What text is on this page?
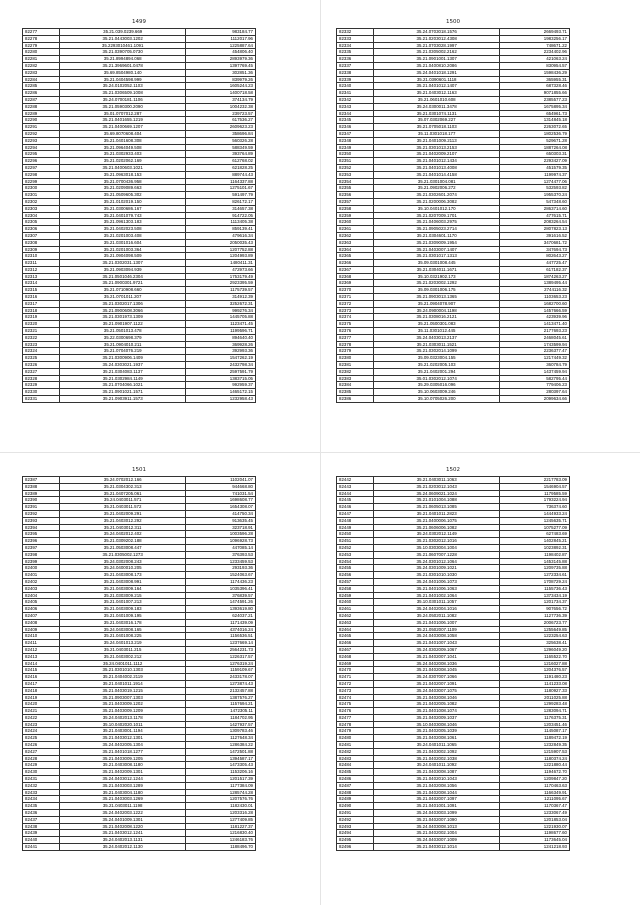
1499
82277	35.21.039.0239.669	983184.77
82278	35.21.0443003.1202	1112017.96
82279	35.2293010461.1091	1225887.64
82280	35.21.0390705.0730	454806.40
82281	35.21.8994894.068	2893979.36
82282	35.21.3969601.0478	1397769.45
82283	35.69.8504980.140	302851.36
82284	35.21.0404598.999	839979.26
82285	35.24.0102052.1103	1605244.23
82286	35.21.0306509.1008	1400718.58
82287	35.24.0700181.1106	374134.79
82288	35.21.0590300.2090	1004232.38
82289	35.01.0707012.287	239723.57
82290	35.21.0401655.1219	617536.27
82291	35.21.0400669.1207	2609623.23
82292	35.69.8070608.404	358696.84
82293	35.21.0401608.308	560326.28
82294	35.21.0964049.508	588349.59
82295	35.21.0302933.403	393764.89
82296	35.21.0202062.169	612768.02
82297	35.21.0400603.1021	621828.25
82298	35.21.0963018.153	889744.43
82299	35.21.0700436.958	1164337.88
82300	35.21.0209089.663	1275101.67
82301	35.21.0509605.302	591497.79
82302	35.21.0102019.150	826172.17
82303	35.21.0300686.167	314657.38
82304	35.21.0401079.743	914722.05
82305	35.21.0961303.183	1113405.38
82306	35.21.0402023.508	859139.41
82307	35.21.0201003.408	479616.34
82308	35.21.0301016.604	2050035.43
82309	35.21.0201003.364	1207752.88
82310	35.21.0904098.509	1204993.89
82311	35.21.0302031.1307	1480411.31
82312	35.21.0903094.939	472973.66
82313	35.21.0501046.2304	1753179.49
82314	35.21.0900301.9721	2923395.59
82315	35.21.0710908.660	1175739.57
82316	35.21.0701011.207	314912.39
82317	35.21.0302017.1306	3252672.31
82318	35.21.0900608.3066	999276.34
82319	35.21.0301973.1309	1445705.88
82320	35.21.0901907.1122	1123471.45
82321	35.21.0501013.478	1199596.71
82322	35.22.0300698.379	894640.40
82323	35.21.0904010.211	369928.26
82324	35.21.0704076.219	392993.36
82325	35.21.0300906.1409	1547262.19
82326	35.24.0303021.1937	2432798.34
82327	35.21.0304083.1137	2597591.79
82328	35.21.0302984.1149	1383715.05
82329	35.21.0704066.1021	992959.37
82330	35.21.0901021.1571	1465172.15
82331	35.21.0903911.1573	1232958.43
1500
82332	35.24.0703018.1576	2669493.71
82333	35.21.0203012.4308	1983256.17
82334	35.21.0703028.1997	748671.22
82335	35.21.0305002.2162	2234402.96
82336	35.21.0901001.1307	421063.24
82337	35.21.0400810.2086	830954.57
82338	35.24.0401018.1291	1598436.29
82339	35.21.0390601.1118	365955.31
82340	35.21.0401012.1407	687328.46
82341	35.21.0403012.1163	9071855.66
82342	35.21.0601010.608	2385577.23
82343	35.24.0300011.3478	1675895.34
82344	35.21.0301074.1131	654961.73
82345	35.07.0302069.227	1314845.18
82346	35.21.0705018.1103	2263072.65
82347	35.11.0301018.177	1802536.79
82348	35.21.0401009.2113	529671.28
82349	35.21.0301013.2153	1887264.08
82350	35.21.0402009.2107	650303.31
82351	35.21.0401012.1434	2293427.09
82352	35.21.0401013.4008	451579.35
82353	35.21.0401014.4158	1199974.37
82354	35.21.0301004.081	1274477.06
82355	35.21.0902006.272	532593.82
82356	35.21.0302601.2074	1955370.24
82357	35.21.0200006.3082	547348.60
82358	35.10.0401012.170	2863714.60
82359	35.21.0207009.1701	477615.71
82360	35.21.0406003.2975	2083264.54
82361	35.21.0905023.2714	2807823.13
82362	35.21.0304601.1170	391616.52
82363	35.21.0309009.1954	3470681.72
82364	35.21.0403007.1407	347694.73
82365	35.21.0301017.1313	802643.27
82366	35.09.0301008.445	447725.47
82367	35.21.0304011.1671	617182.37
82368	35.10.0321902.173	1874263.27
82369	35.21.0203002.1292	1389495.44
82370	35.09.0301006.175	2744116.32
82371	35.21.0903013.1365	1103653.23
82372	35.21.0904078.907	1682700.60
82373	35.24.0900004.1198	1457666.59
82374	35.21.0308016.2121	423939.96
82375	35.21.0500301.083	1413471.40
82376	35.11.0301012.445	2177693.23
82377	35.24.0403013.2137	2468045.61
82378	35.21.0303011.1521	1743599.94
82379	35.21.0302014.1099	2236377.47
82380	35.09.0323004.155	1217449.32
82381	35.21.0202005.103	360784.79
82382	35.21.0402001.294	1437459.94
82383	35.01.0302012.1074	582795.44
82384	35.29.0305016.096	779406.23
82385	35.10.0603009.246	280397.64
82386	35.10.0705026.200	2099634.66
1501
82387	35.24.0702012.166	1102041.07
82388	35.21.0304302.313	944668.80
82389	35.21.0407205.061	741031.54
82390	35.24.0403011.571	1698608.77
82391	35.21.0403011.572	1654308.07
82392	35.21.0402009.291	414750.34
82393	35.21.0403012.292	913635.45
82394	35.21.0403012.311	323718.91
82395	35.24.0402012.402	1003596.28
82396	35.21.0309202.188	1096928.73
82397	35.21.0503008.447	447085.14
82398	35.21.0305002.1273	376393.53
82399	35.24.0302008.243	1233459.53
82400	35.24.0400010.205	293193.36
82401	35.21.0403008.173	1524063.67
82402	35.21.0403008.991	1174436.23
82403	35.21.0403009.164	1035396.41
82404	35.21.0303009.215	376839.57
82405	35.21.0401007.213	1474591.26
82406	35.21.0403009.183	1393619.80
82407	35.21.0401009.195	624037.21
82408	35.21.0403016.178	1171439.09
82409	35.24.0403008.165	4374016.24
82410	35.21.0401008.225	1156536.51
82411	35.24.0401013.219	1237669.14
82412	35.21.0403011.215	2564231.73
82413	35.21.0403002.212	1226317.57
82414	35.24.0401011.1112	1276319.24
82415	35.21.0301010.1303	1159109.67
82416	35.21.0404002.2119	2433178.07
82417	35.21.0401011.1914	1273874.43
82418	35.21.0403019.1215	2132457.88
82419	35.21.0903007.1303	1387576.27
82420	35.21.0403009.1202	1157694.21
82421	35.21.0403009.1209	1472305.11
82422	35.24.0402013.1178	1184702.95
82423	35.10.0402020.1011	1427937.57
82424	35.21.0403001.1194	1309783.46
82425	35.21.0403012.1301	1127648.34
82426	35.24.0402005.1304	1286384.22
82427	35.21.0401018.1277	1472501.88
82428	35.21.0403009.1205	1394587.17
82429	35.21.0403008.1180	1473305.43
82430	35.21.0402009.1301	1153206.16
82431	35.24.0403012.1244	1201517.39
82432	35.21.0403003.1289	1177384.09
82433	35.21.0403004.1180	1285744.28
82434	35.21.0403003.1269	1207576.76
82435	35.21.0403011.1198	1182430.01
82436	35.24.0402003.1222	1203316.28
82437	35.24.0401009.1301	1277409.85
82438	35.21.0402008.1220	1181227.37
82439	35.21.0403012.1241	1216830.40
82440	35.24.0402013.1131	1246183.76
82441	35.24.0402012.1130	1188496.70
1502
82442	35.21.0403011.1063	2217783.09
82443	35.21.0203012.1043	1546904.57
82444	35.24.0609021.1024	1179585.59
82445	35.21.0101004.1088	1793224.94
82446	35.21.0605013.1085	736374.60
82447	35.21.0401011.2823	1444933.24
82448	35.21.0400006.1075	1245635.71
82449	35.21.0606006.1082	1075277.09
82450	35.24.0302012.1149	627483.69
82451	35.21.0302012.1016	1402845.21
82452	35.10.0303004.1004	1023892.31
82453	35.21.0607007.1228	1198402.87
82454	35.24.0301012.1064	1453145.88
82455	35.24.0301009.1021	1209735.88
82456	35.21.0301010.1030	1272334.61
82457	35.24.0401006.1073	1708729.24
82458	35.21.0401006.1063	1155736.43
82459	35.21.0401002.1064	1373434.19
82460	35.10.0301011.1057	1201734.37
82461	35.24.0402004.1016	907656.72
82462	35.24.0502011.1082	1127736.39
82463	35.21.0401006.1007	2006723.77
82464	35.21.0502007.1109	1255649.85
82465	35.24.0403008.1058	1223254.63
82466	35.21.0401007.1043	325638.41
82467	35.24.0302009.1067	1296049.20
82468	35.21.0402007.1041	1165522.70
82469	35.24.0402008.1036	1216027.88
82470	35.21.0402008.1045	1204376.57
82471	35.24.0307007.1066	1191480.23
82472	35.21.0402007.1091	1141233.08
82473	35.24.0403007.1075	1180927.33
82474	35.21.0402008.1046	2011025.88
82475	35.21.0402005.1082	1299283.48
82476	35.21.0401008.1074	1283094.71
82477	35.21.0402009.1037	1176375.31
82478	35.10.0403008.1046	1203451.46
82479	35.21.0402005.1039	1145087.17
82480	35.21.0402008.1061	1189472.19
82481	35.24.0401011.1065	1232849.35
82482	35.21.0403002.1092	1215907.53
82483	35.21.0402002.1038	1180374.24
82484	35.24.0401011.1092	1221880.44
82485	35.21.0403008.1087	1194672.70
82486	35.21.0402010.1043	1209847.20
82487	35.21.0402008.1056	1170463.63
82488	35.21.0402008.1044	1166349.91
82489	35.21.0402007.1097	1211095.67
82490	35.21.0401001.1091	1170367.47
82491	35.24.0403003.1099	1233067.49
82492	35.21.0402007.1090	1201853.04
82493	35.24.0403008.1013	1221930.07
82494	35.21.0402002.1004	1198677.60
82495	35.24.0403007.1009	1173645.04
82496	35.21.0403012.1014	1241218.93
